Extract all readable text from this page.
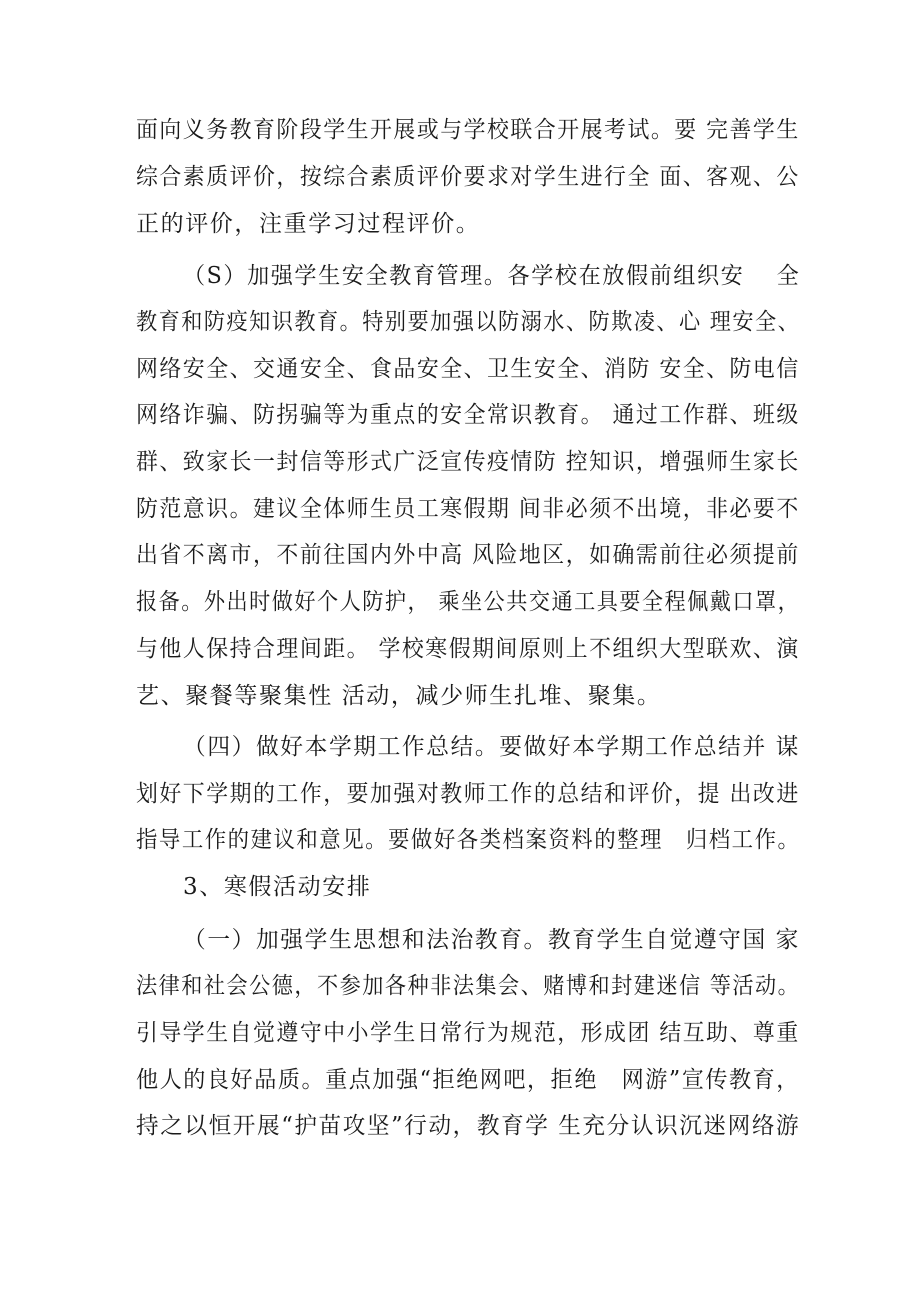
面向义务教育阶段学生开展或与学校联合开展考试。要 完善学生

综合素质评价，按综合素质评价要求对学生进行全 面、客观、公

正的评价，注重学习过程评价。

（S）加强学生安全教育管理。各学校在放假前组织安　 全

教育和防疫知识教育。特别要加强以防溺水、防欺凌、心 理安全、

网络安全、交通安全、食品安全、卫生安全、消防 安全、防电信

网络诈骗、防拐骗等为重点的安全常识教育。 通过工作群、班级

群、致家长一封信等形式广泛宣传疫情防 控知识，增强师生家长

防范意识。建议全体师生员工寒假期 间非必须不出境，非必要不

出省不离市，不前往国内外中高 风险地区，如确需前往必须提前

报备。外出时做好个人防护， 乘坐公共交通工具要全程佩戴口罩，

与他人保持合理间距。 学校寒假期间原则上不组织大型联欢、演

艺、聚餐等聚集性 活动，减少师生扎堆、聚集。

（四）做好本学期工作总结。要做好本学期工作总结并 谋

划好下学期的工作，要加强对教师工作的总结和评价，提 出改进

指导工作的建议和意见。要做好各类档案资料的整理　归档工作。

3、寒假活动安排

（一）加强学生思想和法治教育。教育学生自觉遵守国 家

法律和社会公德，不参加各种非法集会、赌博和封建迷信 等活动。

引导学生自觉遵守中小学生日常行为规范，形成团 结互助、尊重

他人的良好品质。重点加强“拒绝网吧，拒绝　网游”宣传教育，

持之以恒开展“护苗攻坚”行动，教育学 生充分认识沉迷网络游
